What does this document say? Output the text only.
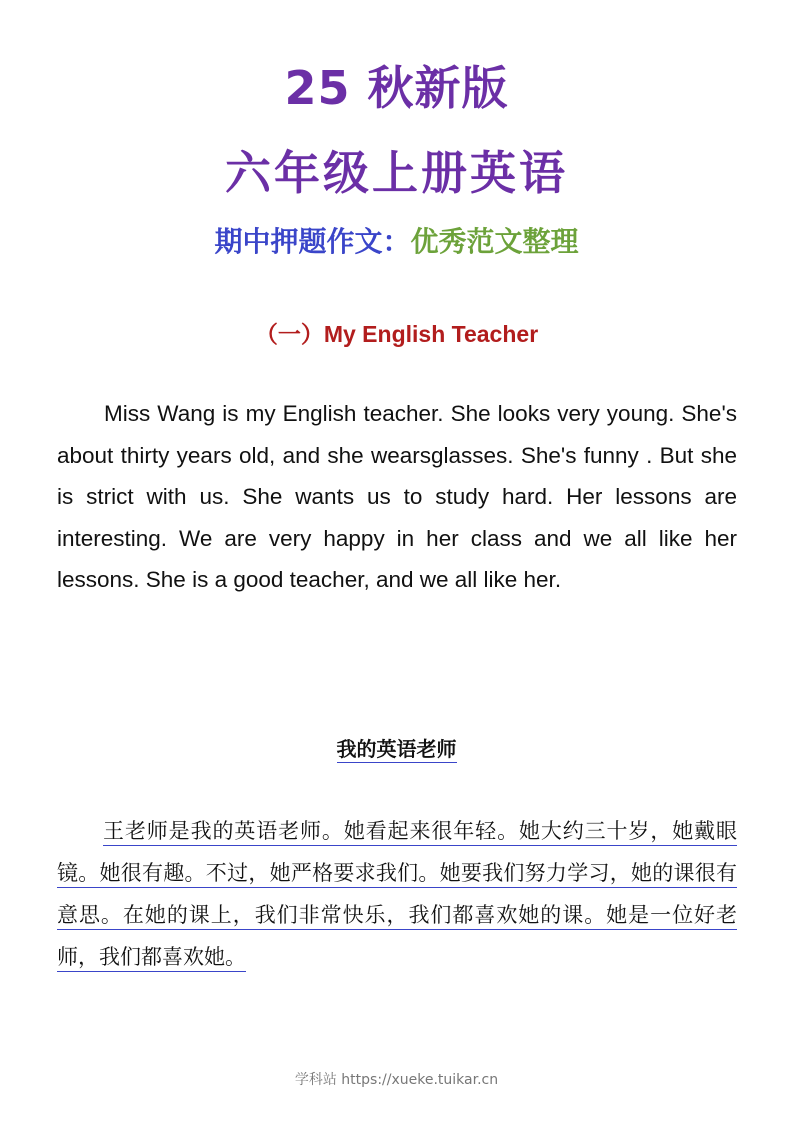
25 秋新版
六年级上册英语
期中押题作文：优秀范文整理
（一）My English Teacher

Miss Wang is my English teacher. She looks very young. She's about thirty years old, and she wearsglasses. She's funny . But she is strict with us. She wants us to study hard. Her lessons are interesting. We are very happy in her class and we all like her lessons. She is a good teacher, and we all like her.

我的英语老师

王老师是我的英语老师。她看起来很年轻。她大约三十岁，她戴眼镜。她很有趣。不过，她严格要求我们。她要我们努力学习，她的课很有意思。在她的课上，我们非常快乐，我们都喜欢她的课。她是一位好老师，我们都喜欢她。

学科站 https://xueke.tuikar.cn
